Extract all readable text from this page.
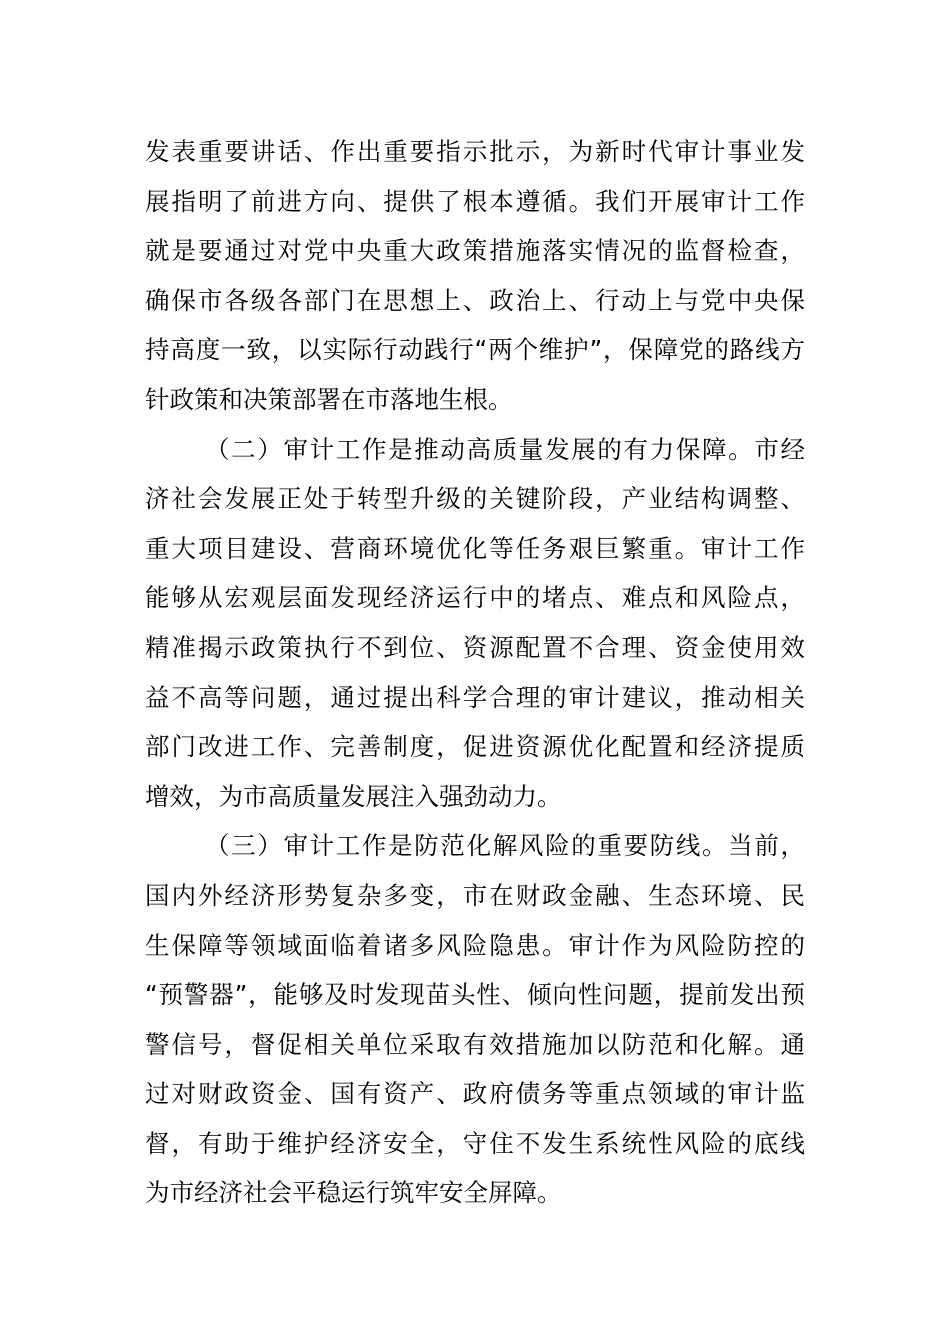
发表重要讲话、作出重要指示批示，为新时代审计事业发
展指明了前进方向、提供了根本遵循。我们开展审计工作
就是要通过对党中央重大政策措施落实情况的监督检查，
确保市各级各部门在思想上、政治上、行动上与党中央保
持高度一致，以实际行动践行“两个维护”，保障党的路线方
针政策和决策部署在市落地生根。
（二）审计工作是推动高质量发展的有力保障。市经
济社会发展正处于转型升级的关键阶段，产业结构调整、
重大项目建设、营商环境优化等任务艰巨繁重。审计工作
能够从宏观层面发现经济运行中的堵点、难点和风险点，
精准揭示政策执行不到位、资源配置不合理、资金使用效
益不高等问题，通过提出科学合理的审计建议，推动相关
部门改进工作、完善制度，促进资源优化配置和经济提质
增效，为市高质量发展注入强劲动力。
（三）审计工作是防范化解风险的重要防线。当前，
国内外经济形势复杂多变，市在财政金融、生态环境、民
生保障等领域面临着诸多风险隐患。审计作为风险防控的
“预警器”，能够及时发现苗头性、倾向性问题，提前发出预
警信号，督促相关单位采取有效措施加以防范和化解。通
过对财政资金、国有资产、政府债务等重点领域的审计监
督，有助于维护经济安全，守住不发生系统性风险的底线
为市经济社会平稳运行筑牢安全屏障。
